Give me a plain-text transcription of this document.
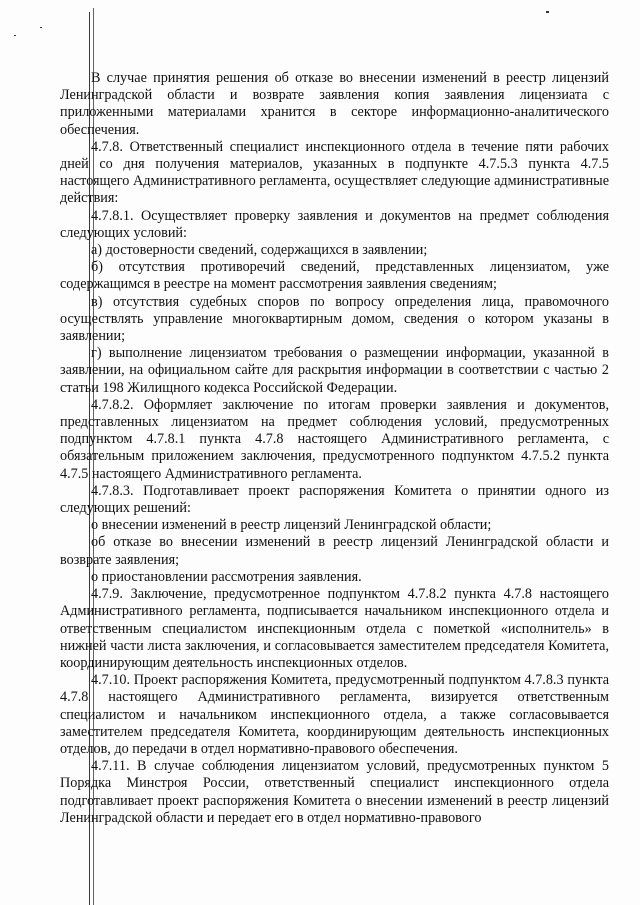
В случае принятия решения об отказе во внесении изменений в реестр лицензий Ленинградской области и возврате заявления копия заявления лицензиата с приложенными материалами хранится в секторе информационно-аналитического обеспечения.

4.7.8. Ответственный специалист инспекционного отдела в течение пяти рабочих дней со дня получения материалов, указанных в подпункте 4.7.5.3 пункта 4.7.5 настоящего Административного регламента, осуществляет следующие административные действия:

4.7.8.1. Осуществляет проверку заявления и документов на предмет соблюдения следующих условий:

а) достоверности сведений, содержащихся в заявлении;

б) отсутствия противоречий сведений, представленных лицензиатом, уже содержащимся в реестре на момент рассмотрения заявления сведениям;

в) отсутствия судебных споров по вопросу определения лица, правомочного осуществлять управление многоквартирным домом, сведения о котором указаны в заявлении;

г) выполнение лицензиатом требования о размещении информации, указанной в заявлении, на официальном сайте для раскрытия информации в соответствии с частью 2 статьи 198 Жилищного кодекса Российской Федерации.

4.7.8.2. Оформляет заключение по итогам проверки заявления и документов, представленных лицензиатом на предмет соблюдения условий, предусмотренных подпунктом 4.7.8.1 пункта 4.7.8 настоящего Административного регламента, с обязательным приложением заключения, предусмотренного подпунктом 4.7.5.2 пункта 4.7.5 настоящего Административного регламента.

4.7.8.3. Подготавливает проект распоряжения Комитета о принятии одного из следующих решений:

о внесении изменений в реестр лицензий Ленинградской области;

об отказе во внесении изменений в реестр лицензий Ленинградской области и возврате заявления;

о приостановлении рассмотрения заявления.

4.7.9. Заключение, предусмотренное подпунктом 4.7.8.2 пункта 4.7.8 настоящего Административного регламента, подписывается начальником инспекционного отдела и ответственным специалистом инспекционным отдела с пометкой «исполнитель» в нижней части листа заключения, и согласовывается заместителем председателя Комитета, координирующим деятельность инспекционных отделов.

4.7.10. Проект распоряжения Комитета, предусмотренный подпунктом 4.7.8.3 пункта 4.7.8 настоящего Административного регламента, визируется ответственным специалистом и начальником инспекционного отдела, а также согласовывается заместителем председателя Комитета, координирующим деятельность инспекционных отделов, до передачи в отдел нормативно-правового обеспечения.

4.7.11. В случае соблюдения лицензиатом условий, предусмотренных пунктом 5 Порядка Минстроя России, ответственный специалист инспекционного отдела подготавливает проект распоряжения Комитета о внесении изменений в реестр лицензий Ленинградской области и передает его в отдел нормативно-правового
